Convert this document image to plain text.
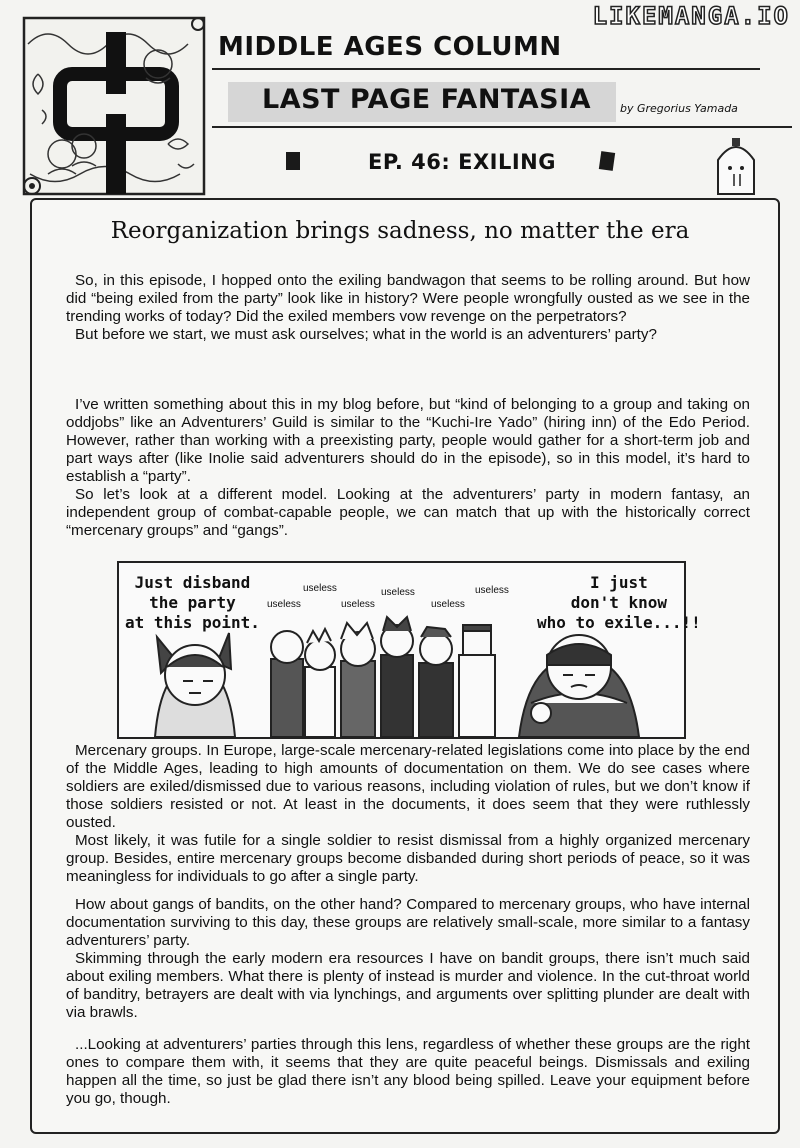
LIKEMANGA.IO
MIDDLE AGES COLUMN
LAST PAGE FANTASIA	by Gregorius Yamada
EP. 46: EXILING
Reorganization brings sadness, no matter the era

So, in this episode, I hopped onto the exiling bandwagon that seems to be rolling around. But how did “being exiled from the party” look like in history? Were people wrongfully ousted as we see in the trending works of today? Did the exiled members vow revenge on the perpetrators?

But before we start, we must ask ourselves; what in the world is an adventurers’ party?

I’ve written something about this in my blog before, but “kind of belonging to a group and taking on oddjobs” like an Adventurers’ Guild is similar to the “Kuchi-Ire Yado” (hiring inn) of the Edo Period. However, rather than working with a preexisting party, people would gather for a short-term job and part ways after (like Inolie said adventurers should do in the episode), so in this model, it’s hard to establish a “party”.

So let’s look at a different model. Looking at the adventurers’ party in modern fantasy, an independent group of combat-capable people, we can match that up with the historically correct “mercenary groups” and “gangs”.

Just disband
the party
at this point.
I just
don't know
who to exile...!!
useless
useless	useless
useless
useless
useless

Mercenary groups. In Europe, large-scale mercenary-related legislations come into place by the end of the Middle Ages, leading to high amounts of documentation on them. We do see cases where soldiers are exiled/dismissed due to various reasons, including violation of rules, but we don’t know if those soldiers resisted or not. At least in the documents, it does seem that they were ruthlessly ousted.

Most likely, it was futile for a single soldier to resist dismissal from a highly organized mercenary group. Besides, entire mercenary groups become disbanded during short periods of peace, so it was meaningless for individuals to go after a single party.

How about gangs of bandits, on the other hand? Compared to mercenary groups, who have internal documentation surviving to this day, these groups are relatively small-scale, more similar to a fantasy adventurers’ party.

Skimming through the early modern era resources I have on bandit groups, there isn’t much said about exiling members. What there is plenty of instead is murder and violence. In the cut-throat world of banditry, betrayers are dealt with via lynchings, and arguments over splitting plunder are dealt with via brawls.

...Looking at adventurers’ parties through this lens, regardless of whether these groups are the right ones to compare them with, it seems that they are quite peaceful beings. Dismissals and exiling happen all the time, so just be glad there isn’t any blood being spilled. Leave your equipment before you go, though.
